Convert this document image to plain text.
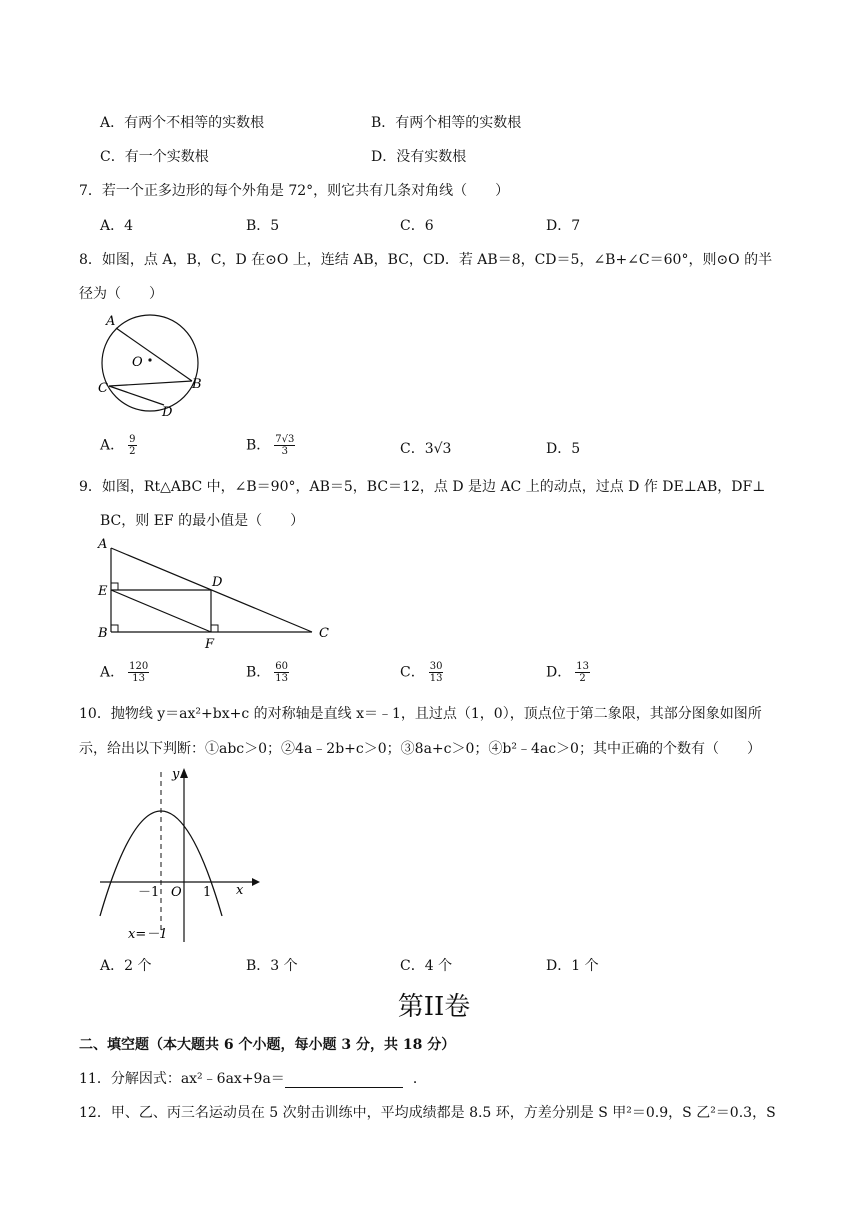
A．有两个不相等的实数根	B．有两个相等的实数根
C．有一个实数根	D．没有实数根
7．若一个正多边形的每个外角是 72°，则它共有几条对角线（　　）
A．4	B．5	C．6	D．7
8．如图，点 A，B，C，D 在⊙O 上，连结 AB，BC，CD．若 AB＝8，CD＝5，∠B+∠C＝60°，则⊙O 的半
径为（　　）
A
O
B
C
D
A． $\frac{9}{2}$	B． $\frac{7√3}{3}$	C．3√3	D．5
9．如图，Rt△ABC 中，∠B＝90°，AB＝5，BC＝12，点 D 是边 AC 上的动点，过点 D 作 DE⊥AB，DF⊥
BC，则 EF 的最小值是（　　）
A
E
B
D
F
C
A． $\frac{120}{13}$	B． $\frac{60}{13}$	C． $\frac{30}{13}$	D． $\frac{13}{2}$
10．抛物线 y＝ax²+bx+c 的对称轴是直线 x＝﹣1，且过点（1，0），顶点位于第二象限，其部分图象如图所
示，给出以下判断：①abc＞0；②4a﹣2b+c＞0；③8a+c＞0；④b²﹣4ac＞0；其中正确的个数有（　　）
y
x
－1 O 1
x=－1
A．2 个	B．3 个	C．4 个	D．1 个
第II卷
二、填空题（本大题共 6 个小题，每小题 3 分，共 18 分）
11．分解因式：ax²﹣6ax+9a＝	．
12．甲、乙、丙三名运动员在 5 次射击训练中，平均成绩都是 8.5 环，方差分别是 S 甲²＝0.9，S 乙²＝0.3，S
